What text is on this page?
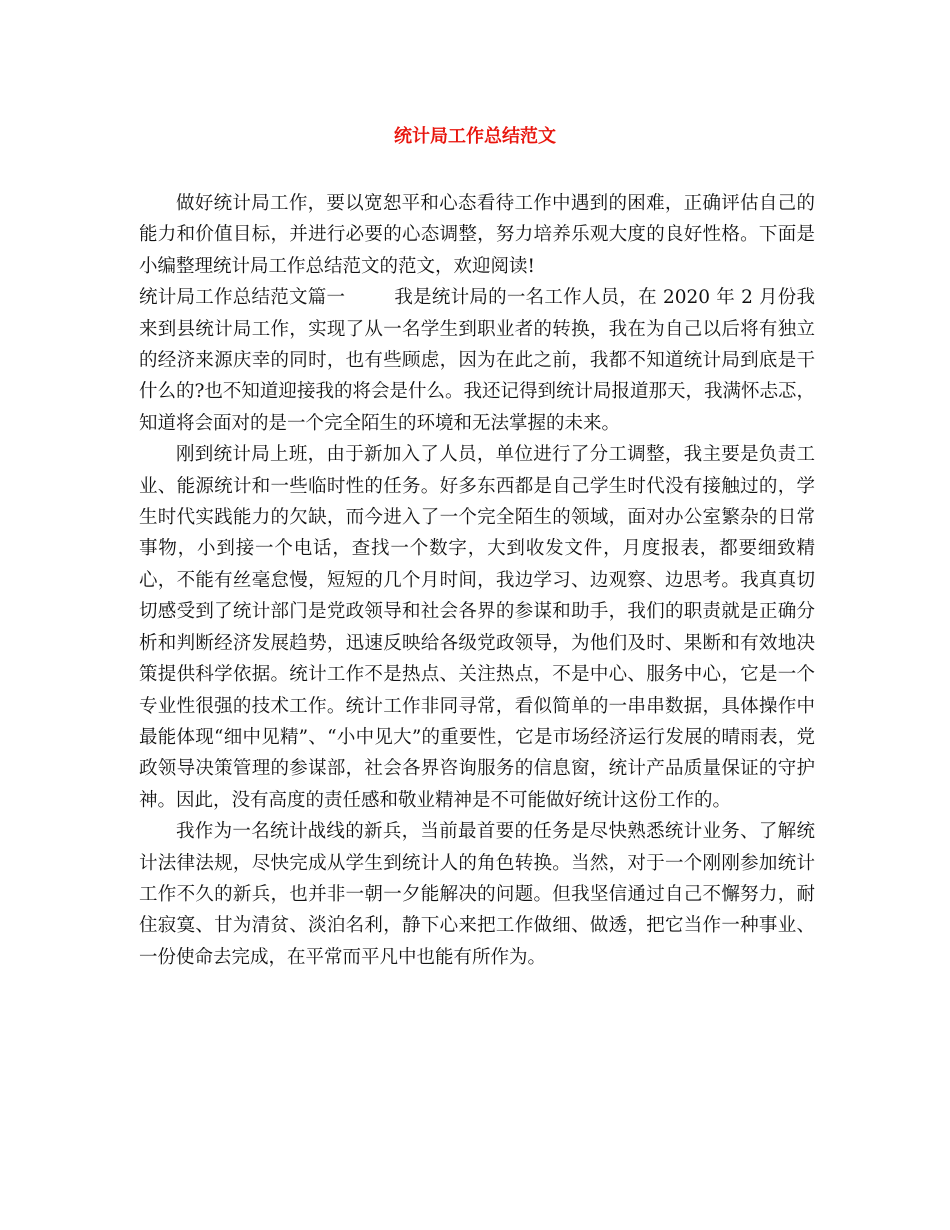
统计局工作总结范文

做好统计局工作，要以宽恕平和心态看待工作中遇到的困难，正确评估自己的能力和价值目标，并进行必要的心态调整，努力培养乐观大度的良好性格。下面是小编整理统计局工作总结范文的范文，欢迎阅读!

统计局工作总结范文篇一	我是统计局的一名工作人员，在 2020 年 2 月份我来到县统计局工作，实现了从一名学生到职业者的转换，我在为自己以后将有独立的经济来源庆幸的同时，也有些顾虑，因为在此之前，我都不知道统计局到底是干什么的?也不知道迎接我的将会是什么。我还记得到统计局报道那天，我满怀忐忑，知道将会面对的是一个完全陌生的环境和无法掌握的未来。

刚到统计局上班，由于新加入了人员，单位进行了分工调整，我主要是负责工业、能源统计和一些临时性的任务。好多东西都是自己学生时代没有接触过的，学生时代实践能力的欠缺，而今进入了一个完全陌生的领域，面对办公室繁杂的日常事物，小到接一个电话，查找一个数字，大到收发文件，月度报表，都要细致精心，不能有丝毫怠慢，短短的几个月时间，我边学习、边观察、边思考。我真真切切感受到了统计部门是党政领导和社会各界的参谋和助手，我们的职责就是正确分析和判断经济发展趋势，迅速反映给各级党政领导，为他们及时、果断和有效地决策提供科学依据。统计工作不是热点、关注热点，不是中心、服务中心，它是一个专业性很强的技术工作。统计工作非同寻常，看似简单的一串串数据，具体操作中最能体现“细中见精”、“小中见大”的重要性，它是市场经济运行发展的晴雨表，党政领导决策管理的参谋部，社会各界咨询服务的信息窗，统计产品质量保证的守护神。因此，没有高度的责任感和敬业精神是不可能做好统计这份工作的。

我作为一名统计战线的新兵，当前最首要的任务是尽快熟悉统计业务、了解统计法律法规，尽快完成从学生到统计人的角色转换。当然，对于一个刚刚参加统计工作不久的新兵，也并非一朝一夕能解决的问题。但我坚信通过自己不懈努力，耐住寂寞、甘为清贫、淡泊名利，静下心来把工作做细、做透，把它当作一种事业、一份使命去完成，在平常而平凡中也能有所作为。
